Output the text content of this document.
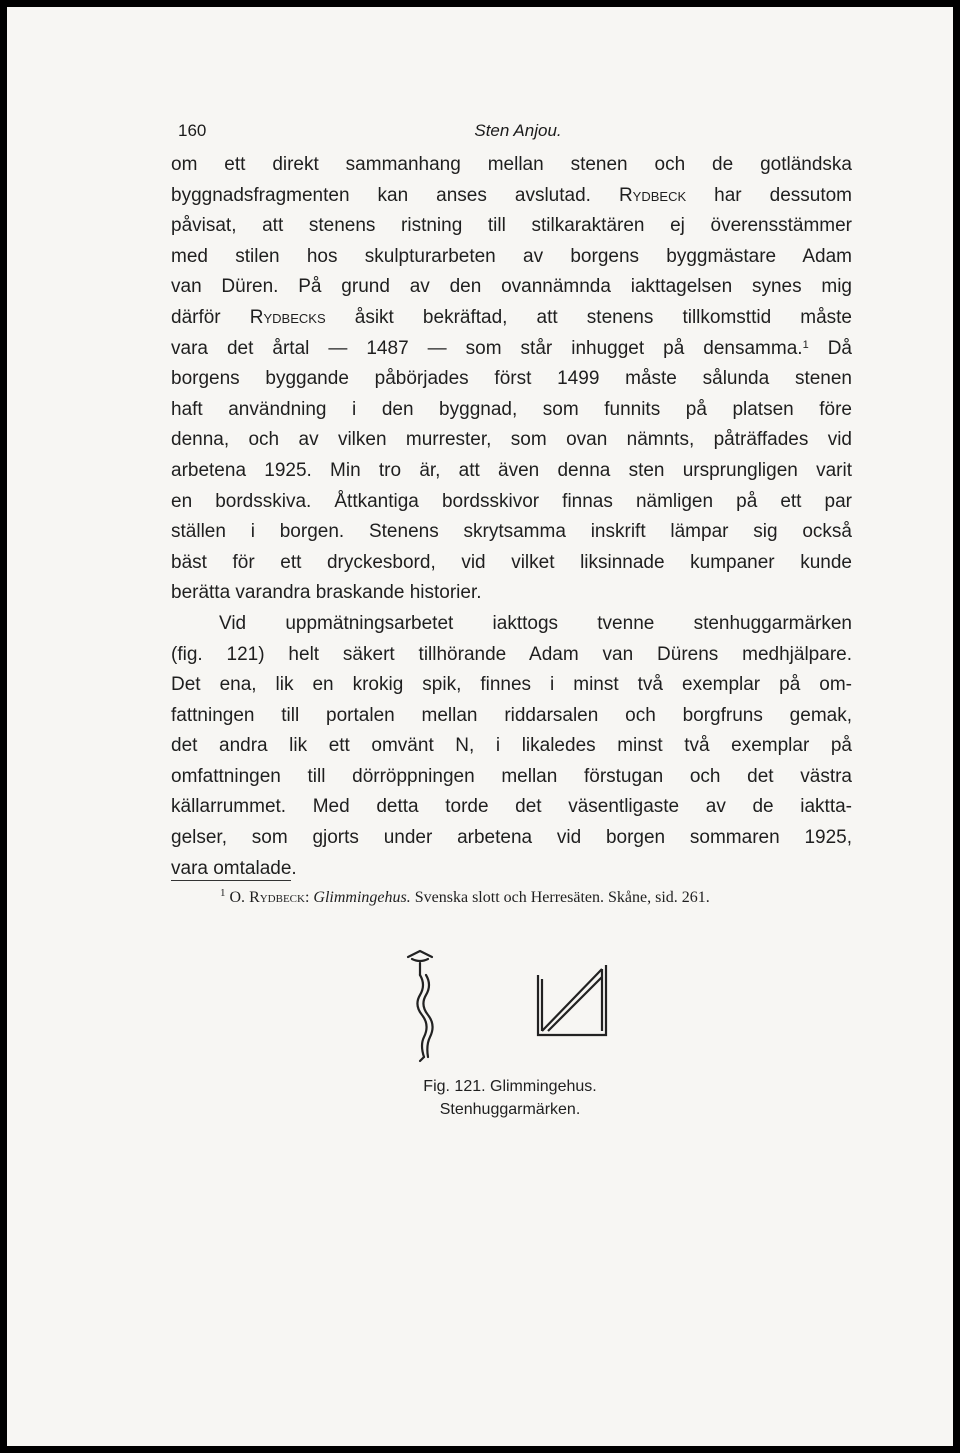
160	Sten Anjou.
om ett direkt sammanhang mellan stenen och de gotländska
byggnadsfragmenten kan anses avslutad. Rydbeck har dessutom
påvisat, att stenens ristning till stilkaraktären ej överensstämmer
med stilen hos skulpturarbeten av borgens byggmästare Adam
van Düren. På grund av den ovannämnda iakttagelsen synes mig
därför Rydbecks åsikt bekräftad, att stenens tillkomsttid måste
vara det årtal — 1487 — som står inhugget på densamma.$^1$ Då
borgens byggande påbörjades först 1499 måste sålunda stenen
haft användning i den byggnad, som funnits på platsen före
denna, och av vilken murrester, som ovan nämnts, påträffades vid
arbetena 1925. Min tro är, att även denna sten ursprungligen varit
en bordsskiva. Åttkantiga bordsskivor finnas nämligen på ett par
ställen i borgen. Stenens skrytsamma inskrift lämpar sig också
bäst för ett dryckesbord, vid vilket liksinnade kumpaner kunde
berätta varandra braskande historier.
Vid uppmätningsarbetet iakttogs tvenne stenhuggarmärken
(fig. 121) helt säkert tillhörande Adam van Dürens medhjälpare.
Det ena, lik en krokig spik, finnes i minst två exemplar på om-
fattningen till portalen mellan riddarsalen och borgfruns gemak,
det andra lik ett omvänt N, i likaledes minst två exemplar på
omfattningen till dörröppningen mellan förstugan och det västra
källarrummet. Med detta torde det väsentligaste av de iaktta-
gelser, som gjorts under arbetena vid borgen sommaren 1925,
vara omtalade.
$^1$ O. Rydbeck: Glimmingehus. Svenska slott och Herresäten. Skåne, sid. 261.
Fig. 121. Glimmingehus.
Stenhuggarmärken.
